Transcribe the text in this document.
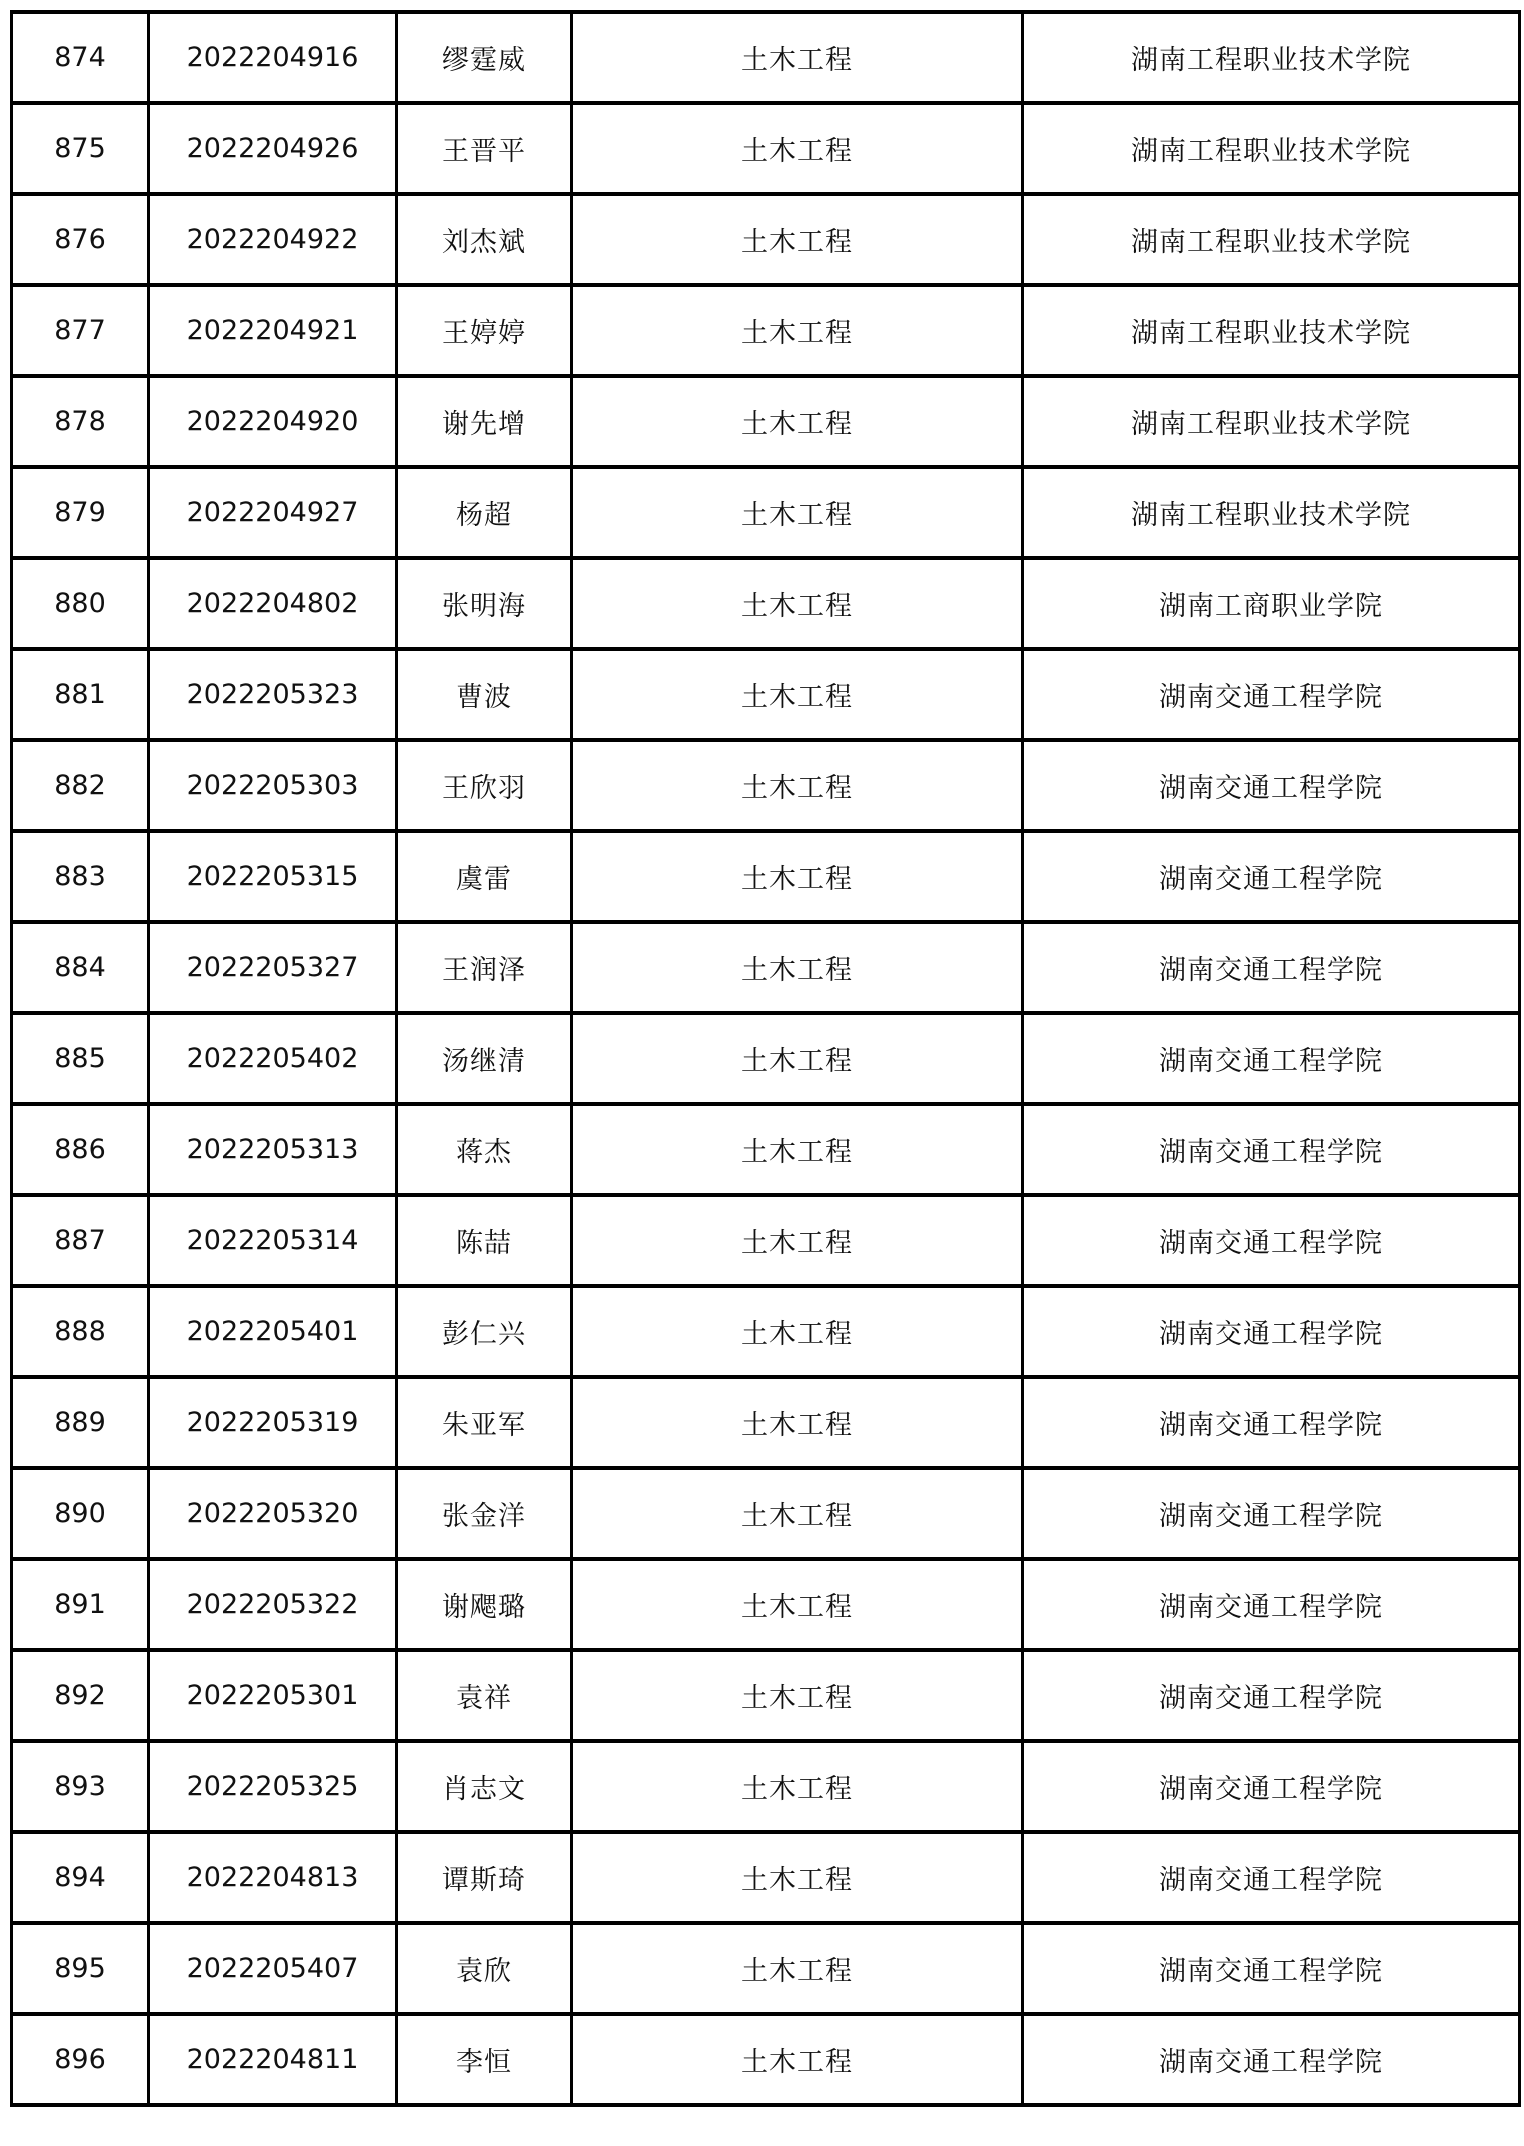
874	2022204916	缪霆威	土木工程	湖南工程职业技术学院
875	2022204926	王晋平	土木工程	湖南工程职业技术学院
876	2022204922	刘杰斌	土木工程	湖南工程职业技术学院
877	2022204921	王婷婷	土木工程	湖南工程职业技术学院
878	2022204920	谢先增	土木工程	湖南工程职业技术学院
879	2022204927	杨超	土木工程	湖南工程职业技术学院
880	2022204802	张明海	土木工程	湖南工商职业学院
881	2022205323	曹波	土木工程	湖南交通工程学院
882	2022205303	王欣羽	土木工程	湖南交通工程学院
883	2022205315	虞雷	土木工程	湖南交通工程学院
884	2022205327	王润泽	土木工程	湖南交通工程学院
885	2022205402	汤继清	土木工程	湖南交通工程学院
886	2022205313	蒋杰	土木工程	湖南交通工程学院
887	2022205314	陈喆	土木工程	湖南交通工程学院
888	2022205401	彭仁兴	土木工程	湖南交通工程学院
889	2022205319	朱亚军	土木工程	湖南交通工程学院
890	2022205320	张金洋	土木工程	湖南交通工程学院
891	2022205322	谢飔璐	土木工程	湖南交通工程学院
892	2022205301	袁祥	土木工程	湖南交通工程学院
893	2022205325	肖志文	土木工程	湖南交通工程学院
894	2022204813	谭斯琦	土木工程	湖南交通工程学院
895	2022205407	袁欣	土木工程	湖南交通工程学院
896	2022204811	李恒	土木工程	湖南交通工程学院
